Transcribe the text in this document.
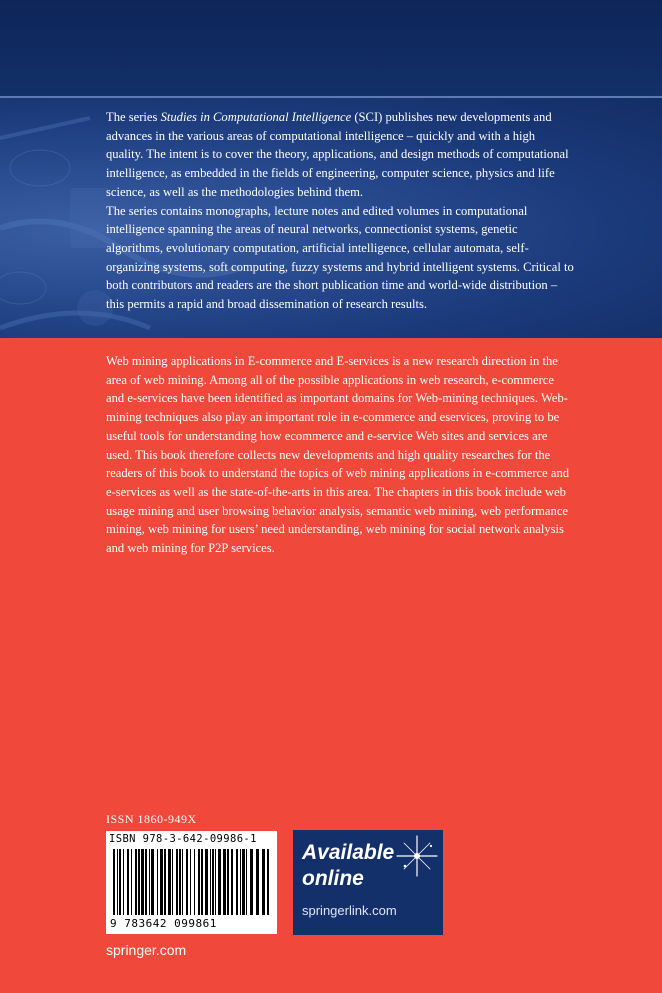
The series Studies in Computational Intelligence (SCI) publishes new developments and advances in the various areas of computational intelligence – quickly and with a high quality. The intent is to cover the theory, applications, and design methods of computational intelligence, as embedded in the fields of engineering, computer science, physics and life science, as well as the methodologies behind them.
The series contains monographs, lecture notes and edited volumes in computational intelligence spanning the areas of neural networks, connectionist systems, genetic algorithms, evolutionary computation, artificial intelligence, cellular automata, self-organizing systems, soft computing, fuzzy systems and hybrid intelligent systems. Critical to both contributors and readers are the short publication time and world-wide distribution – this permits a rapid and broad dissemination of research results.
Web mining applications in E-commerce and E-services is a new research direction in the area of web mining. Among all of the possible applications in web research, e-commerce and e-services have been identified as important domains for Web-mining techniques. Web-mining techniques also play an important role in e-commerce and eservices, proving to be useful tools for understanding how ecommerce and e-service Web sites and services are used. This book therefore collects new developments and high quality researches for the readers of this book to understand the topics of web mining applications in e-commerce and e-services as well as the state-of-the-arts in this area. The chapters in this book include web usage mining and user browsing behavior analysis, semantic web mining, web performance mining, web mining for users’ need understanding, web mining for social network analysis and web mining for P2P services.
ISSN 1860-949X
ISBN 978-3-642-09986-1
9 783642 099861
Available
online
springerlink.com
springer.com
